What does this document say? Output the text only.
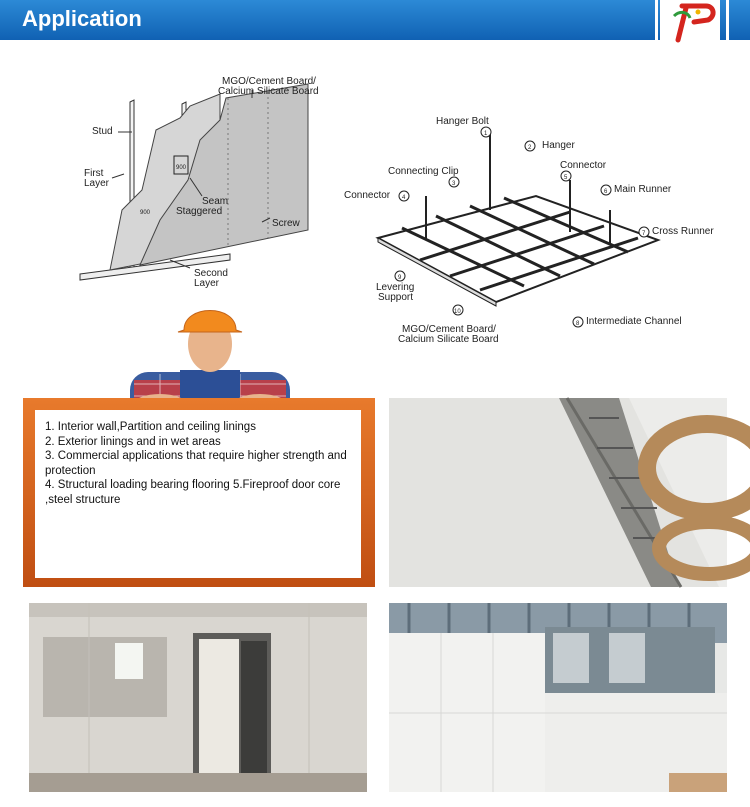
Application
900
900
MGO/Cement Board/
Calcium Silicate Board
Stud
First
Layer
Seam
Staggered
Screw
Second
Layer
1
2
3
4
5
6
7
8
9
10
Hanger Bolt
Hanger
Connecting Clip
Connector
Connector
Main Runner
Cross Runner
Levering
Support
Intermediate Channel
MGO/Cement Board/
Calcium Silicate Board
1. Interior wall,Partition and ceiling linings
2. Exterior linings and in wet areas
3. Commercial applications that require higher strength and protection
4. Structural loading bearing flooring 5.Fireproof door core ,steel structure
